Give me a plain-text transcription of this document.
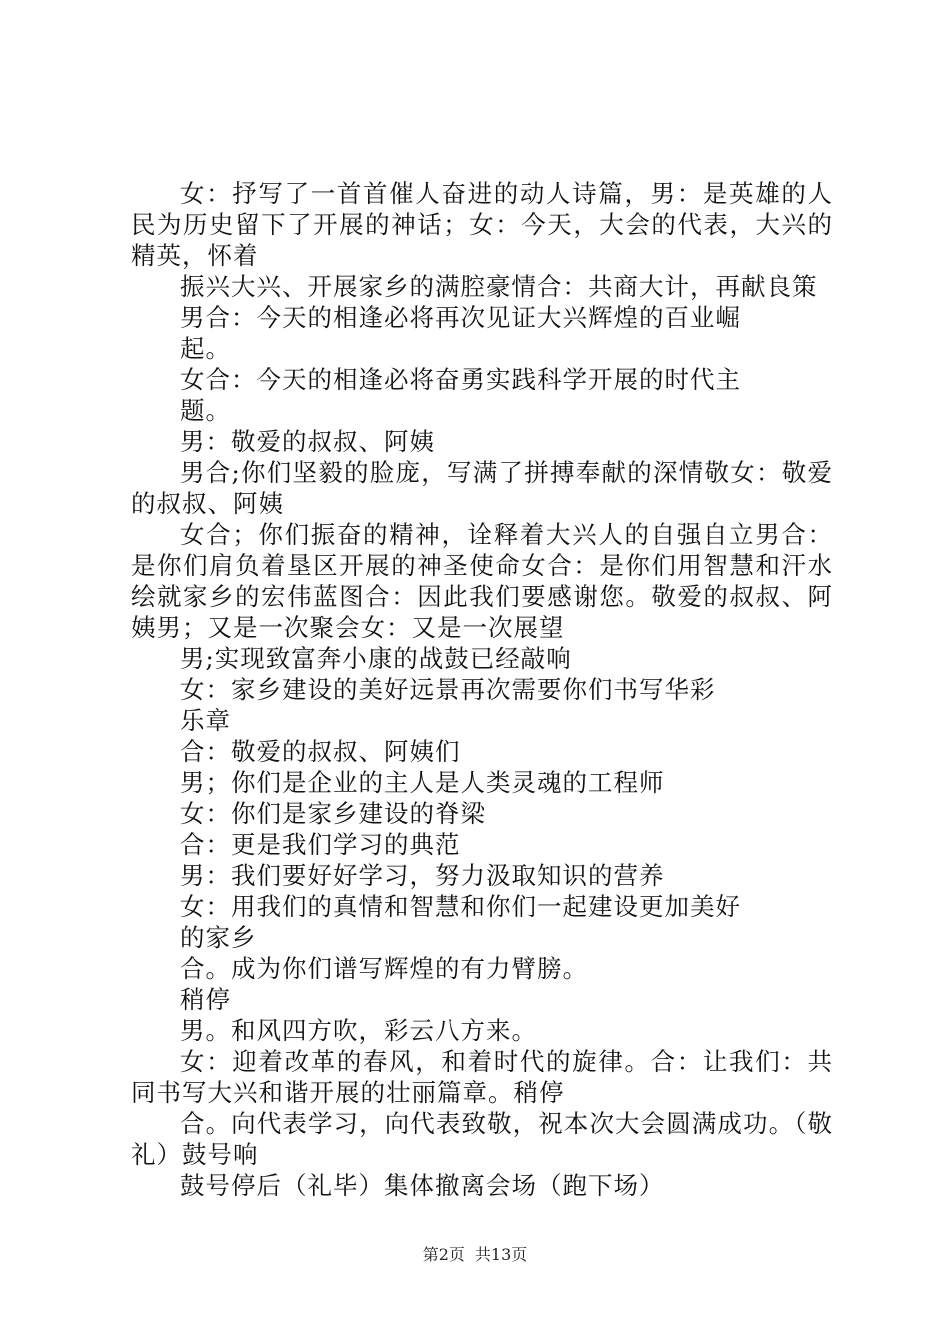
女：抒写了一首首催人奋进的动人诗篇，男：是英雄的人民为历史留下了开展的神话；女：今天，大会的代表，大兴的精英，怀着

振兴大兴、开展家乡的满腔豪情合：共商大计，再献良策

男合：今天的相逢必将再次见证大兴辉煌的百业崛

起。

女合：今天的相逢必将奋勇实践科学开展的时代主

题。

男：敬爱的叔叔、阿姨

男合;你们坚毅的脸庞，写满了拼搏奉献的深情敬女：敬爱的叔叔、阿姨

女合；你们振奋的精神，诠释着大兴人的自强自立男合：是你们肩负着垦区开展的神圣使命女合：是你们用智慧和汗水绘就家乡的宏伟蓝图合：因此我们要感谢您。敬爱的叔叔、阿姨男；又是一次聚会女：又是一次展望

男;实现致富奔小康的战鼓已经敲响

女：家乡建设的美好远景再次需要你们书写华彩

乐章

合：敬爱的叔叔、阿姨们

男；你们是企业的主人是人类灵魂的工程师

女：你们是家乡建设的脊梁

合：更是我们学习的典范

男：我们要好好学习，努力汲取知识的营养

女：用我们的真情和智慧和你们一起建设更加美好

的家乡

合。成为你们谱写辉煌的有力臂膀。

稍停

男。和风四方吹，彩云八方来。

女：迎着改革的春风，和着时代的旋律。合：让我们：共同书写大兴和谐开展的壮丽篇章。稍停

合。向代表学习，向代表致敬，祝本次大会圆满成功。（敬礼）鼓号响

鼓号停后（礼毕）集体撤离会场（跑下场）

第2页 共13页
